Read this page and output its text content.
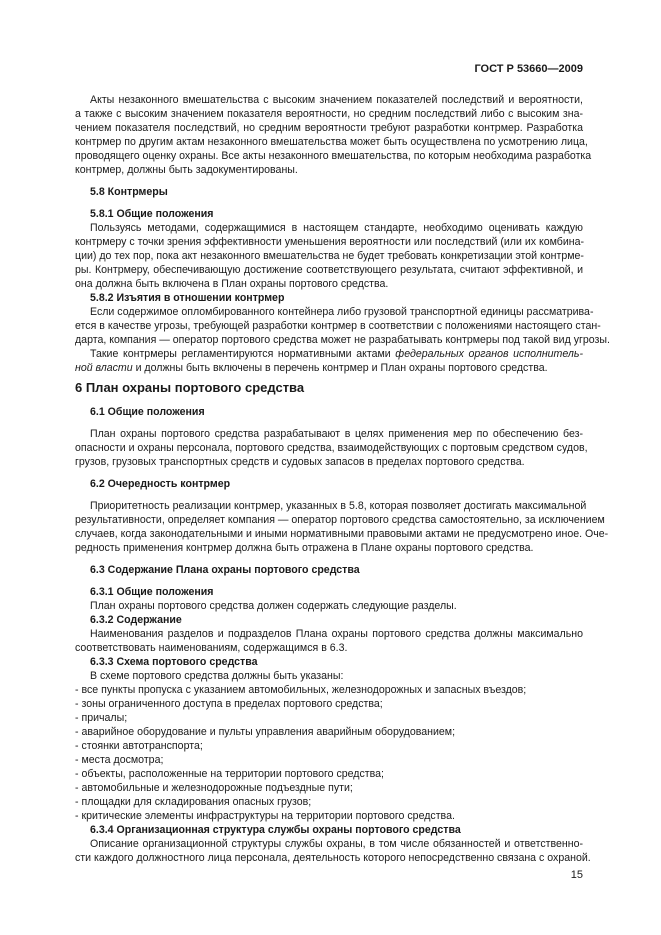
ГОСТ Р 53660—2009
Акты незаконного вмешательства с высоким значением показателей последствий и вероятности,
а также с высоким значением показателя вероятности, но средним последствий либо с высоким зна-
чением показателя последствий, но средним вероятности требуют разработки контрмер. Разработка
контрмер по другим актам незаконного вмешательства может быть осуществлена по усмотрению лица,
проводящего оценку охраны. Все акты незаконного вмешательства, по которым необходима разработка
контрмер, должны быть задокументированы.
5.8 Контрмеры
5.8.1 Общие положения
Пользуясь методами, содержащимися в настоящем стандарте, необходимо оценивать каждую
контрмеру с точки зрения эффективности уменьшения вероятности или последствий (или их комбина-
ции) до тех пор, пока акт незаконного вмешательства не будет требовать конкретизации этой контрме-
ры. Контрмеру, обеспечивающую достижение соответствующего результата, считают эффективной, и
она должна быть включена в План охраны портового средства.
5.8.2 Изъятия в отношении контрмер
Если содержимое опломбированного контейнера либо грузовой транспортной единицы рассматрива-
ется в качестве угрозы, требующей разработки контрмер в соответствии с положениями настоящего стан-
дарта, компания — оператор портового средства может не разрабатывать контрмеры под такой вид угрозы.
Такие контрмеры регламентируются нормативными актами федеральных органов исполнитель-
ной власти и должны быть включены в перечень контрмер и План охраны портового средства.
6 План охраны портового средства
6.1 Общие положения
План охраны портового средства разрабатывают в целях применения мер по обеспечению без-
опасности и охраны персонала, портового средства, взаимодействующих с портовым средством судов,
грузов, грузовых транспортных средств и судовых запасов в пределах портового средства.
6.2 Очередность контрмер
Приоритетность реализации контрмер, указанных в 5.8, которая позволяет достигать максимальной
результативности, определяет компания — оператор портового средства самостоятельно, за исключением
случаев, когда законодательными и иными нормативными правовыми актами не предусмотрено иное. Оче-
редность применения контрмер должна быть отражена в Плане охраны портового средства.
6.3 Содержание Плана охраны портового средства
6.3.1 Общие положения
План охраны портового средства должен содержать следующие разделы.
6.3.2 Содержание
Наименования разделов и подразделов Плана охраны портового средства должны максимально
соответствовать наименованиям, содержащимся в 6.3.
6.3.3 Схема портового средства
В схеме портового средства должны быть указаны:
- все пункты пропуска с указанием автомобильных, железнодорожных и запасных въездов;
- зоны ограниченного доступа в пределах портового средства;
- причалы;
- аварийное оборудование и пульты управления аварийным оборудованием;
- стоянки автотранспорта;
- места досмотра;
- объекты, расположенные на территории портового средства;
- автомобильные и железнодорожные подъездные пути;
- площадки для складирования опасных грузов;
- критические элементы инфраструктуры на территории портового средства.
6.3.4 Организационная структура службы охраны портового средства
Описание организационной структуры службы охраны, в том числе обязанностей и ответственно-
сти каждого должностного лица персонала, деятельность которого непосредственно связана с охраной.
15
